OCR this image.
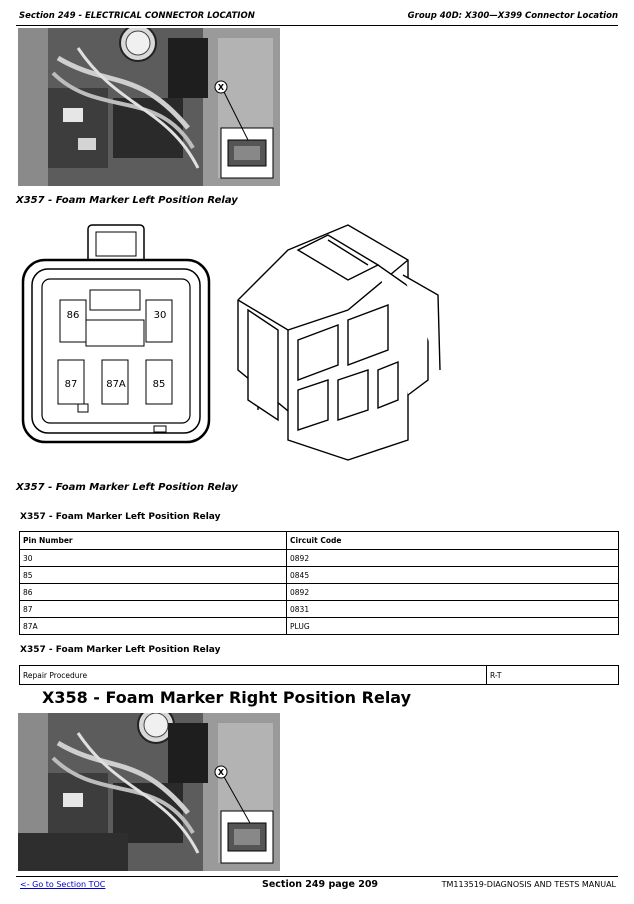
Section 249 - ELECTRICAL CONNECTOR LOCATION	Group 40D: X300—X399 Connector Location
X
X357 - Foam Marker Left Position Relay
86	30
87	87A	85
X357 - Foam Marker Left Position Relay
X357 - Foam Marker Left Position Relay
Pin Number	Circuit Code
30	0892
85	0845
86	0892
87	0831
87A	PLUG
X357 - Foam Marker Left Position Relay
Repair Procedure	R-T
X358 - Foam Marker Right Position Relay
X
<- Go to Section TOC	Section 249 page 209	TM113519-DIAGNOSIS AND TESTS MANUAL
